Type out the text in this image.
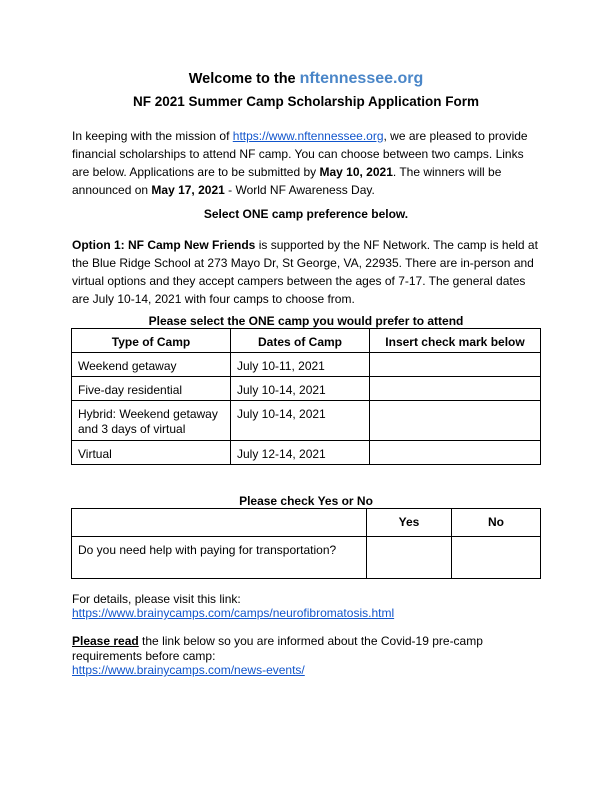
Welcome to the nftennessee.org
NF 2021 Summer Camp Scholarship Application Form
In keeping with the mission of https://www.nftennessee.org, we are pleased to provide financial scholarships to attend NF camp. You can choose between two camps. Links are below. Applications are to be submitted by May 10, 2021. The winners will be announced on May 17, 2021 - World NF Awareness Day.
Select ONE camp preference below.
Option 1: NF Camp New Friends is supported by the NF Network. The camp is held at the Blue Ridge School at 273 Mayo Dr, St George, VA, 22935. There are in-person and virtual options and they accept campers between the ages of 7-17. The general dates are July 10-14, 2021 with four camps to choose from.
Please select the ONE camp you would prefer to attend
Type of Camp	Dates of Camp	Insert check mark below
Weekend getaway	July 10-11, 2021	
Five-day residential	July 10-14, 2021	
Hybrid: Weekend getaway and 3 days of virtual	July 10-14, 2021	
Virtual	July 12-14, 2021	
Please check Yes or No
	Yes	No
Do you need help with paying for transportation?		
For details, please visit this link:
https://www.brainycamps.com/camps/neurofibromatosis.html
Please read the link below so you are informed about the Covid-19 pre-camp requirements before camp:
https://www.brainycamps.com/news-events/
